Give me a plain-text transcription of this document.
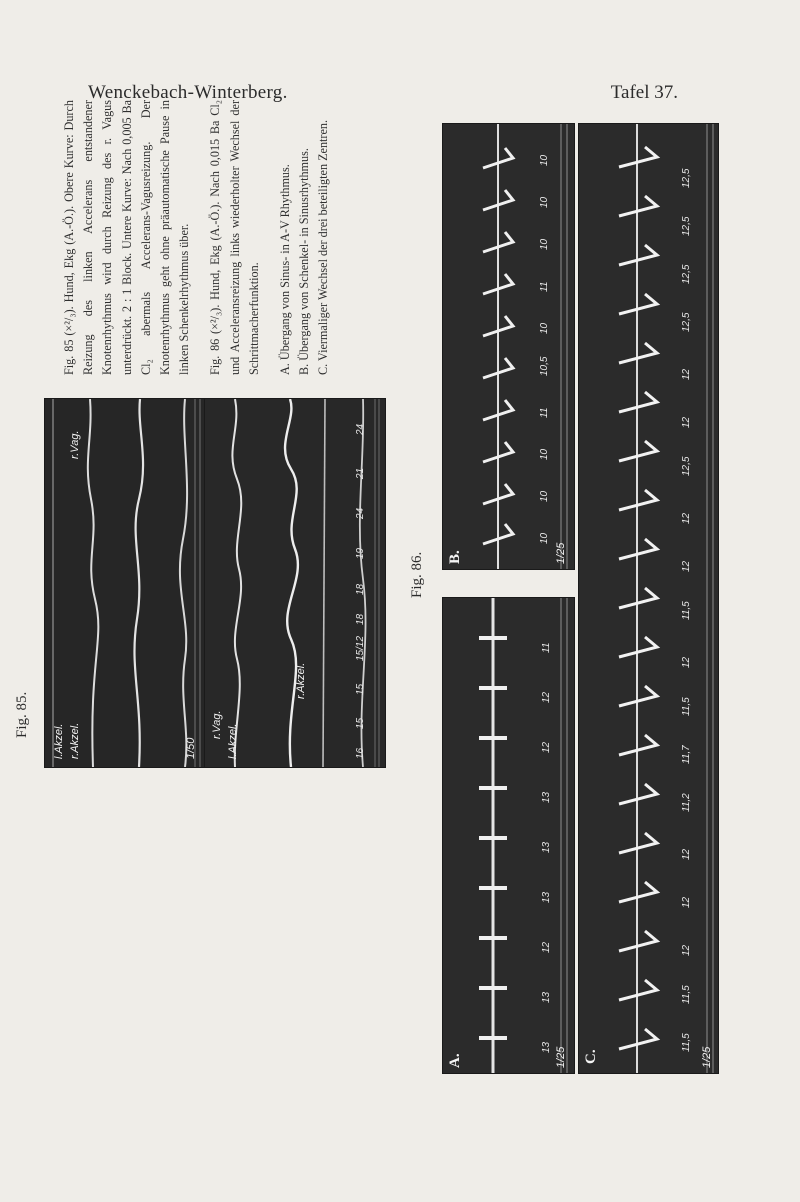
Wenckebach-Winterberg.	Tafel 37.
Fig. 85.
Fig. 86.

Fig. 85 (×²/₃). Hund, Ekg (A.-Ö.). Obere Kurve: Durch Reizung des linken Accelerans entstandener Knotenrhythmus wird durch Reizung des r. Vagus unterdrückt. 2 : 1 Block. Untere Kurve: Nach 0,005 Ba Cl₂ abermals Accelerans-Vagusreizung. Der Knotenrhythmus geht ohne präautomatische Pause in linken Schenkelrhythmus über. Fig. 86 (×²/₃). Hund, Ekg (A.-Ö.). Nach 0,015 Ba Cl₂ und Acceleransreizung links wiederholter Wechsel der Schrittmacherfunktion. A. Übergang von Sinus- in A-V Rhythmus. B. Übergang von Schenkel- in Sinusrhythmus. C. Viermaliger Wechsel der drei beteiligten Zentren.
r.Vag.
r.Akzel.
l.Akzel.	1/50
r.Vag. l.Akzel.
r.Akzel.
16
15
15
15/12
18
18
19
24
21
24
A.	1/25
13
13
12
13
13
13
12
12
11
B.	1/25
10
10
10
11
10,5
10
11
10
10
10
C.	1/25
11,5
11,5
12
12
12
11,2
11,7
11,5
12
11,5
12
12
12,5
12
12
12,5
12,5
12,5
12,5
